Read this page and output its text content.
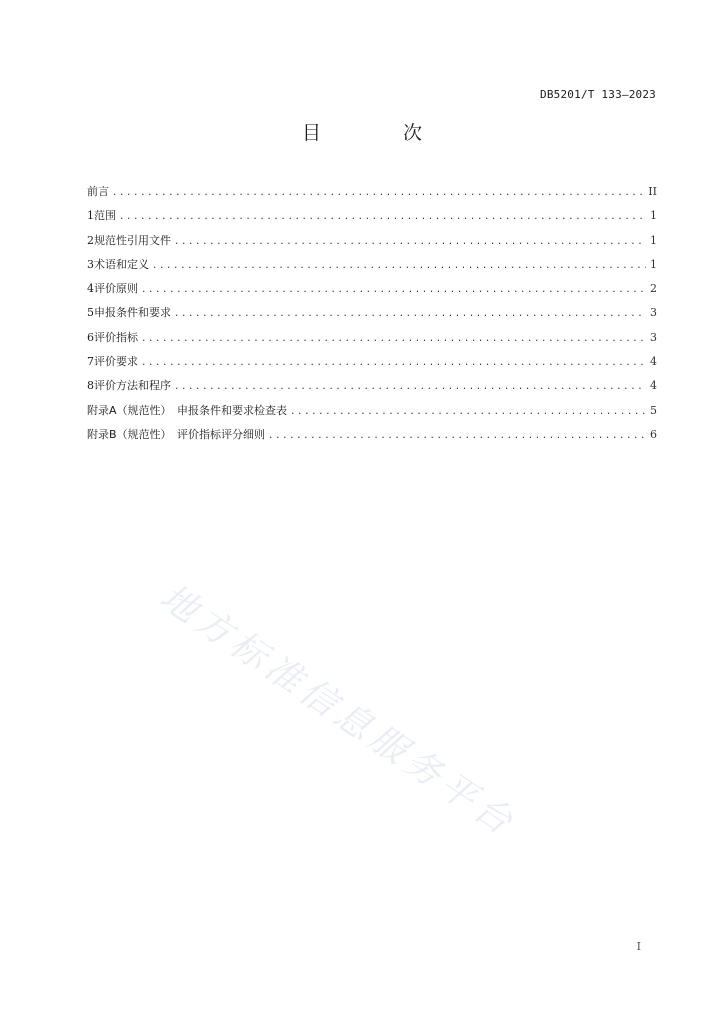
DB5201/T 133—2023
目 次
前言 .....	II
1 范围 .....	1
2 规范性引用文件 .....	1
3 术语和定义 .....	1
4 评价原则 .....	2
5 申报条件和要求 .....	3
6 评价指标 .....	3
7 评价要求 .....	4
8 评价方法和程序 .....	4
附录A（规范性）　申报条件和要求检查表 .....	5
附录B（规范性）　评价指标评分细则 .....	6
地方标准信息服务平台
I
